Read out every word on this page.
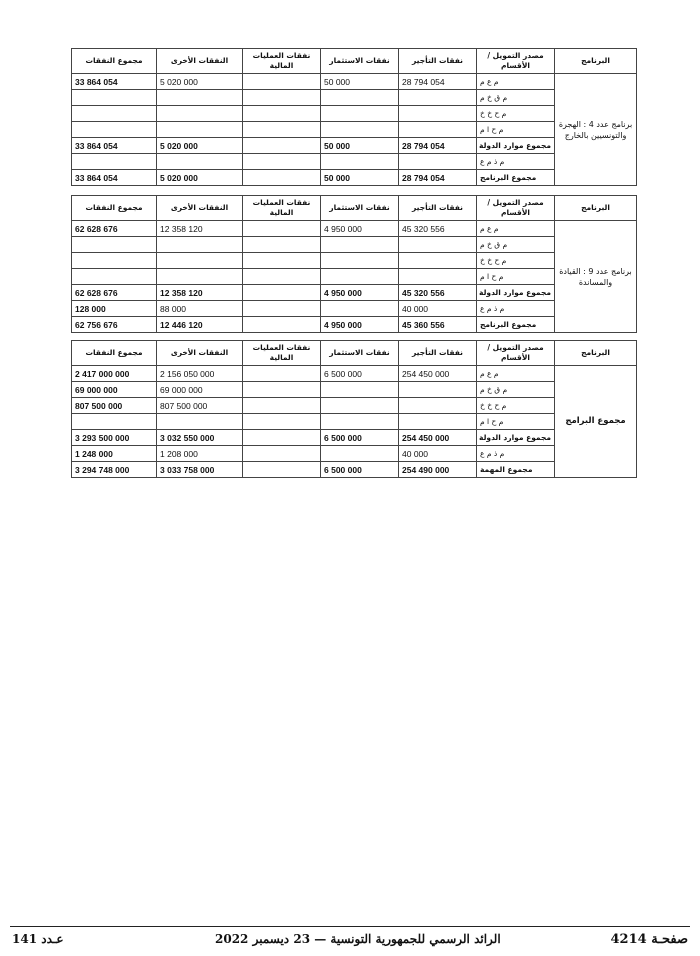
البرنامج	مصدر التمويل / الأقسام	نفقات التأجير	نفقات الاستثمار	نفقات العمليات المالية	النفقات الأخرى	مجموع النفقات
برنامج عدد 4 : الهجرة والتونسيين بالخارج	م ع م	28 794 054	50 000		5 020 000	33 864 054
	م ق خ م					
	م ح خ خ					
	م ح ا م					
	مجموع موارد الدولة	28 794 054	50 000		5 020 000	33 864 054
	م ذ م ع					
	مجموع البرنامج	28 794 054	50 000		5 020 000	33 864 054
البرنامج	مصدر التمويل / الأقسام	نفقات التأجير	نفقات الاستثمار	نفقات العمليات المالية	النفقات الأخرى	مجموع النفقات
برنامج عدد 9 : القيادة والمساندة	م ع م	45 320 556	4 950 000		12 358 120	62 628 676
	م ق خ م					
	م ح خ خ					
	م ح ا م					
	مجموع موارد الدولة	45 320 556	4 950 000		12 358 120	62 628 676
	م ذ م ع	40 000			88 000	128 000
	مجموع البرنامج	45 360 556	4 950 000		12 446 120	62 756 676
البرنامج	مصدر التمويل / الأقسام	نفقات التأجير	نفقات الاستثمار	نفقات العمليات المالية	النفقات الأخرى	مجموع النفقات
مجموع البرامج	م ع م	254 450 000	6 500 000		2 156 050 000	2 417 000 000
	م ق خ م				69 000 000	69 000 000
	م ح خ خ				807 500 000	807 500 000
	م ح ا م					
	مجموع موارد الدولة	254 450 000	6 500 000		3 032 550 000	3 293 500 000
	م ذ م ع	40 000			1 208 000	1 248 000
	مجموع المهمة	254 490 000	6 500 000		3 033 758 000	3 294 748 000
عـدد 141	الرائد الرسمي للجمهورية التونسية — 23 ديسمبر 2022	صفحـة 4214
